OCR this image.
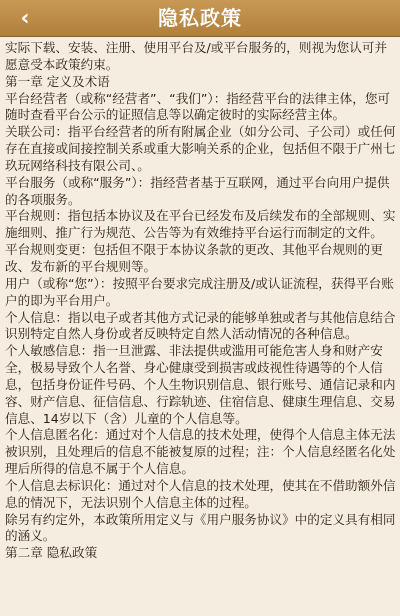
‹	隐私政策

实际下载、安装、注册、使用平台及/或平台服务的，则视为您认可并愿意受本政策约束。

第一章 定义及术语

平台经营者（或称“经营者”、“我们”）：指经营平台的法律主体，您可随时查看平台公示的证照信息等以确定彼时的实际经营主体。

关联公司：指平台经营者的所有附属企业（如分公司、子公司）或任何存在直接或间接控制关系或重大影响关系的企业，包括但不限于广州七玖玩网络科技有限公司、。

平台服务（或称“服务”）：指经营者基于互联网，通过平台向用户提供的各项服务。

平台规则：指包括本协议及在平台已经发布及后续发布的全部规则、实施细则、推广行为规范、公告等为有效维持平台运行而制定的文件。

平台规则变更：包括但不限于本协议条款的更改、其他平台规则的更改、发布新的平台规则等。

用户（或称“您”）：按照平台要求完成注册及/或认证流程，获得平台账户的即为平台用户。

个人信息：指以电子或者其他方式记录的能够单独或者与其他信息结合识别特定自然人身份或者反映特定自然人活动情况的各种信息。

个人敏感信息：指一旦泄露、非法提供或滥用可能危害人身和财产安全，极易导致个人名誉、身心健康受到损害或歧视性待遇等的个人信息，包括身份证件号码、个人生物识别信息、银行账号、通信记录和内容、财产信息、征信信息、行踪轨迹、住宿信息、健康生理信息、交易信息、14岁以下（含）儿童的个人信息等。

个人信息匿名化：通过对个人信息的技术处理，使得个人信息主体无法被识别，且处理后的信息不能被复原的过程；注：个人信息经匿名化处理后所得的信息不属于个人信息。

个人信息去标识化：通过对个人信息的技术处理，使其在不借助额外信息的情况下，无法识别个人信息主体的过程。

除另有约定外，本政策所用定义与《用户服务协议》中的定义具有相同的涵义。

第二章 隐私政策
